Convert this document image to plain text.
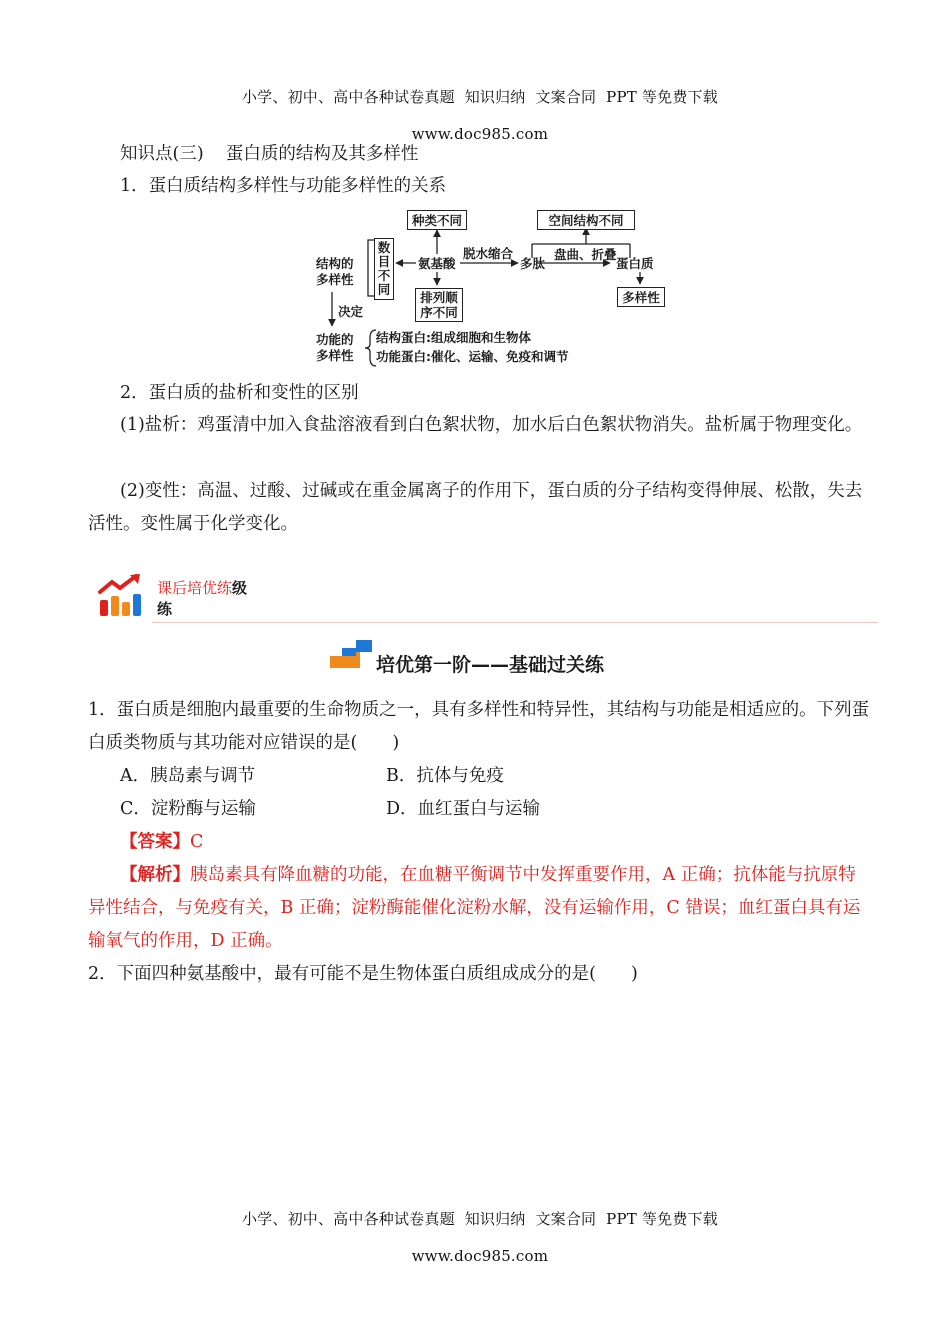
小学、初中、高中各种试卷真题  知识归纳  文案合同  PPT 等免费下载

www.doc985.com

知识点(三)    蛋白质的结构及其多样性
1．蛋白质结构多样性与功能多样性的关系
种类不同	空间结构不同
结构的
多样性
数
目
不
同
氨基酸
脱水缩合
多肽
盘曲、折叠
蛋白质
排列顺
序不同
多样性
决定
功能的
多样性
结构蛋白:组成细胞和生物体
功能蛋白:催化、运输、免疫和调节
2．蛋白质的盐析和变性的区别
(1)盐析：鸡蛋清中加入食盐溶液看到白色絮状物，加水后白色絮状物消失。盐析属于物理变化。
(2)变性：高温、过酸、过碱或在重金属离子的作用下，蛋白质的分子结构变得伸展、松散，失去活性。变性属于化学变化。
课后培优练级
练
培优第一阶——基础过关练
1．蛋白质是细胞内最重要的生命物质之一，具有多样性和特异性，其结构与功能是相适应的。下列蛋白质类物质与其功能对应错误的是(　　)
A．胰岛素与调节	B．抗体与免疫
C．淀粉酶与运输	D．血红蛋白与运输
【答案】C
【解析】胰岛素具有降血糖的功能，在血糖平衡调节中发挥重要作用，A 正确；抗体能与抗原特异性结合，与免疫有关，B 正确；淀粉酶能催化淀粉水解，没有运输作用，C 错误；血红蛋白具有运输氧气的作用，D 正确。
2．下面四种氨基酸中，最有可能不是生物体蛋白质组成成分的是(　　)

小学、初中、高中各种试卷真题  知识归纳  文案合同  PPT 等免费下载

www.doc985.com
